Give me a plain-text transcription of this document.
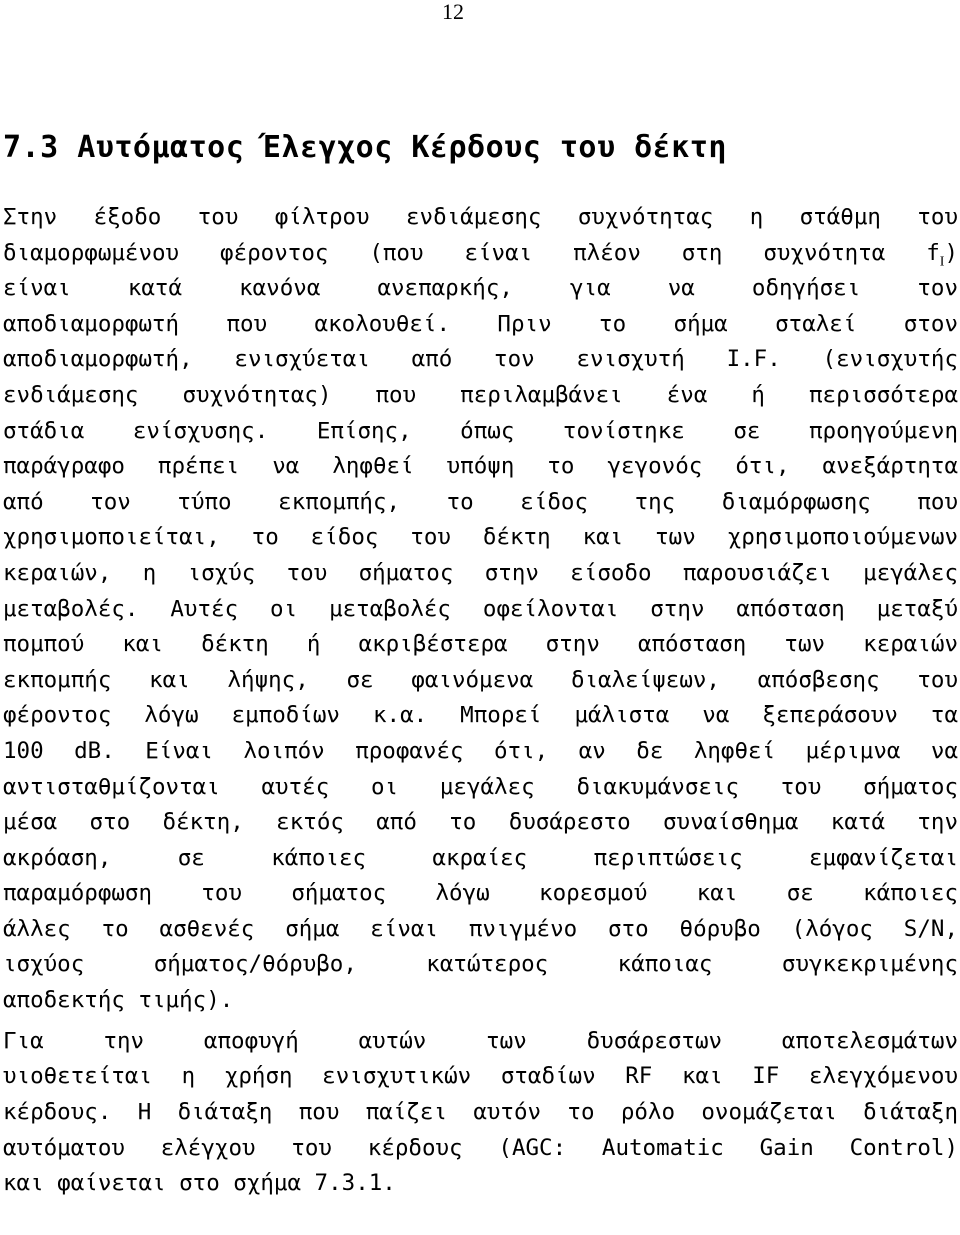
12
7.3 Αυτόματος Έλεγχος Κέρδους του δέκτη
Στην έξοδο του φίλτρου ενδιάμεσης συχνότητας η στάθμη του
διαμορφωμένου φέροντος (που είναι πλέον στη συχνότητα $f_I$)
είναι κατά κανόνα ανεπαρκής, για να οδηγήσει τον
αποδιαμορφωτή που ακολουθεί. Πριν το σήμα σταλεί στον
αποδιαμορφωτή, ενισχύεται από τον ενισχυτή I.F. (ενισχυτής
ενδιάμεσης συχνότητας) που περιλαμβάνει ένα ή περισσότερα
στάδια ενίσχυσης. Επίσης, όπως τονίστηκε σε προηγούμενη
παράγραφο πρέπει να ληφθεί υπόψη το γεγονός ότι, ανεξάρτητα
από τον τύπο εκπομπής, το είδος της διαμόρφωσης που
χρησιμοποιείται, το είδος του δέκτη και των χρησιμοποιούμενων
κεραιών, η ισχύς του σήματος στην είσοδο παρουσιάζει μεγάλες
μεταβολές. Αυτές οι μεταβολές οφείλονται στην απόσταση μεταξύ
πομπού και δέκτη ή ακριβέστερα στην απόσταση των κεραιών
εκπομπής και λήψης, σε φαινόμενα διαλείψεων, απόσβεσης του
φέροντος λόγω εμποδίων κ.α. Μπορεί μάλιστα να ξεπεράσουν τα
100 dB. Είναι λοιπόν προφανές ότι, αν δε ληφθεί μέριμνα να
αντισταθμίζονται αυτές οι μεγάλες διακυμάνσεις του σήματος
μέσα στο δέκτη, εκτός από το δυσάρεστο συναίσθημα κατά την
ακρόαση, σε κάποιες ακραίες περιπτώσεις εμφανίζεται
παραμόρφωση του σήματος λόγω κορεσμού και σε κάποιες
άλλες το ασθενές σήμα είναι πνιγμένο στο θόρυβο (λόγος S/N,
ισχύος σήματος/θόρυβο, κατώτερος κάποιας συγκεκριμένης
αποδεκτής τιμής).
Για την αποφυγή αυτών των δυσάρεστων αποτελεσμάτων
υιοθετείται η χρήση ενισχυτικών σταδίων RF και IF ελεγχόμενου
κέρδους. Η διάταξη που παίζει αυτόν το ρόλο ονομάζεται διάταξη
αυτόματου ελέγχου του κέρδους (AGC: Automatic Gain Control)
και φαίνεται στο σχήμα 7.3.1.
